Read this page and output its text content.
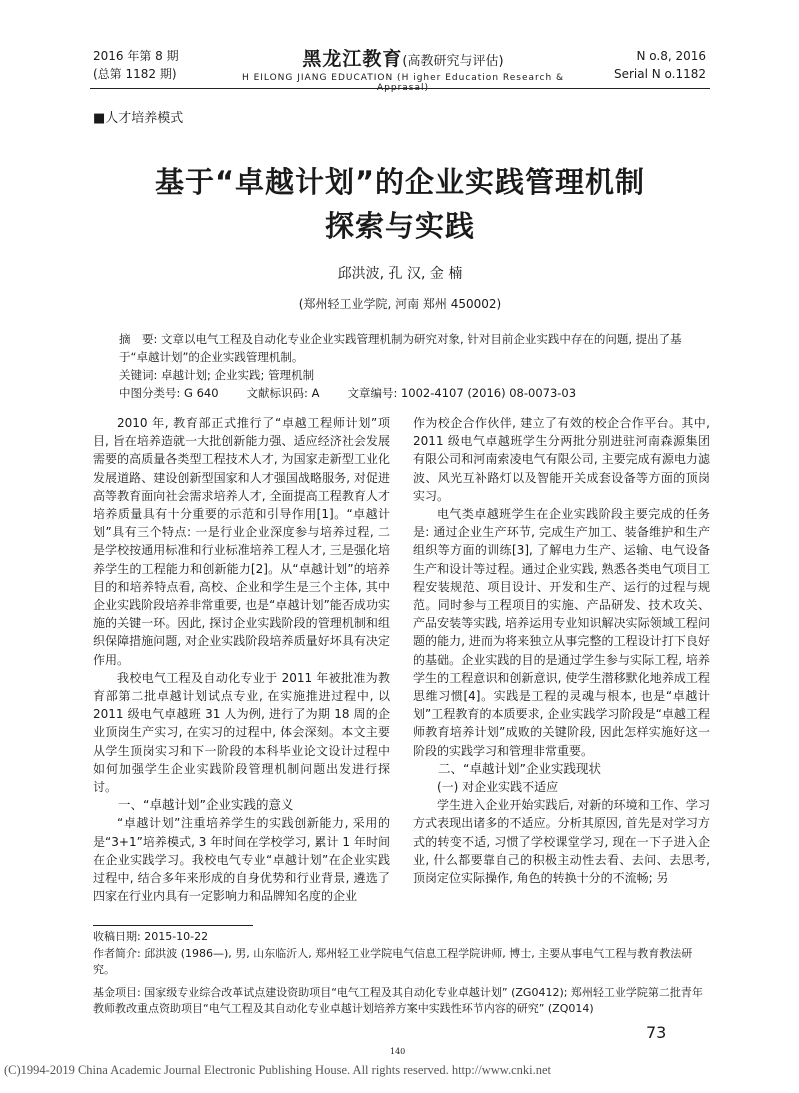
2016 年第 8 期
(总第 1182 期)
黑龙江教育(高教研究与评估)
H EILONG JIANG EDUCATION (H igher Education Research & Apprasal)
N o.8, 2016
Serial N o.1182
■人才培养模式
基于“卓越计划”的企业实践管理机制
探索与实践
邱洪波, 孔 汉, 金 楠
(郑州轻工业学院, 河南 郑州 450002)

摘　要: 文章以电气工程及自动化专业企业实践管理机制为研究对象, 针对目前企业实践中存在的问题, 提出了基于“卓越计划”的企业实践管理机制。

关键词: 卓越计划; 企业实践; 管理机制

中图分类号: G 640 文献标识码: A 文章编号: 1002-4107 (2016) 08-0073-03

2010 年, 教育部正式推行了“卓越工程师计划”项目, 旨在培养造就一大批创新能力强、适应经济社会发展需要的高质量各类型工程技术人才, 为国家走新型工业化发展道路、建设创新型国家和人才强国战略服务, 对促进高等教育面向社会需求培养人才, 全面提高工程教育人才培养质量具有十分重要的示范和引导作用[1]。“卓越计划”具有三个特点: 一是行业企业深度参与培养过程, 二是学校按通用标准和行业标准培养工程人才, 三是强化培养学生的工程能力和创新能力[2]。从“卓越计划”的培养目的和培养特点看, 高校、企业和学生是三个主体, 其中企业实践阶段培养非常重要, 也是“卓越计划”能否成功实施的关键一环。因此, 探讨企业实践阶段的管理机制和组织保障措施问题, 对企业实践阶段培养质量好坏具有决定作用。

我校电气工程及自动化专业于 2011 年被批准为教育部第二批卓越计划试点专业, 在实施推进过程中, 以 2011 级电气卓越班 31 人为例, 进行了为期 18 周的企业顶岗生产实习, 在实习的过程中, 体会深刻。本文主要从学生顶岗实习和下一阶段的本科毕业论文设计过程中如何加强学生企业实践阶段管理机制问题出发进行探讨。

一、“卓越计划”企业实践的意义

“卓越计划”注重培养学生的实践创新能力, 采用的是“3+1”培养模式, 3 年时间在学校学习, 累计 1 年时间在企业实践学习。我校电气专业“卓越计划”在企业实践过程中, 结合多年来形成的自身优势和行业背景, 遴选了四家在行业内具有一定影响力和品牌知名度的企业

作为校企合作伙伴, 建立了有效的校企合作平台。其中, 2011 级电气卓越班学生分两批分别进驻河南森源集团有限公司和河南索凌电气有限公司, 主要完成有源电力滤波、风光互补路灯以及智能开关成套设备等方面的顶岗实习。

电气类卓越班学生在企业实践阶段主要完成的任务是: 通过企业生产环节, 完成生产加工、装备维护和生产组织等方面的训练[3], 了解电力生产、运输、电气设备生产和设计等过程。通过企业实践, 熟悉各类电气项目工程安装规范、项目设计、开发和生产、运行的过程与规范。同时参与工程项目的实施、产品研发、技术攻关、产品安装等实践, 培养运用专业知识解决实际领域工程问题的能力, 进而为将来独立从事完整的工程设计打下良好的基础。企业实践的目的是通过学生参与实际工程, 培养学生的工程意识和创新意识, 使学生潜移默化地养成工程思维习惯[4]。实践是工程的灵魂与根本, 也是“卓越计划”工程教育的本质要求, 企业实践学习阶段是“卓越工程师教育培养计划”成败的关键阶段, 因此怎样实施好这一阶段的实践学习和管理非常重要。

二、“卓越计划”企业实践现状
(一) 对企业实践不适应

学生进入企业开始实践后, 对新的环境和工作、学习方式表现出诸多的不适应。分析其原因, 首先是对学习方式的转变不适, 习惯了学校课堂学习, 现在一下子进入企业, 什么都要靠自己的积极主动性去看、去问、去思考, 顶岗定位实际操作, 角色的转换十分的不流畅; 另

收稿日期: 2015-10-22

作者简介: 邱洪波 (1986—), 男, 山东临沂人, 郑州轻工业学院电气信息工程学院讲师, 博士, 主要从事电气工程与教育教法研究。

基金项目: 国家级专业综合改革试点建设资助项目“电气工程及其自动化专业卓越计划” (ZG0412); 郑州轻工业学院第二批青年教师教改重点资助项目“电气工程及其自动化专业卓越计划培养方案中实践性环节内容的研究” (ZQ014)

73
140
(C)1994-2019 China Academic Journal Electronic Publishing House. All rights reserved. http://www.cnki.net
